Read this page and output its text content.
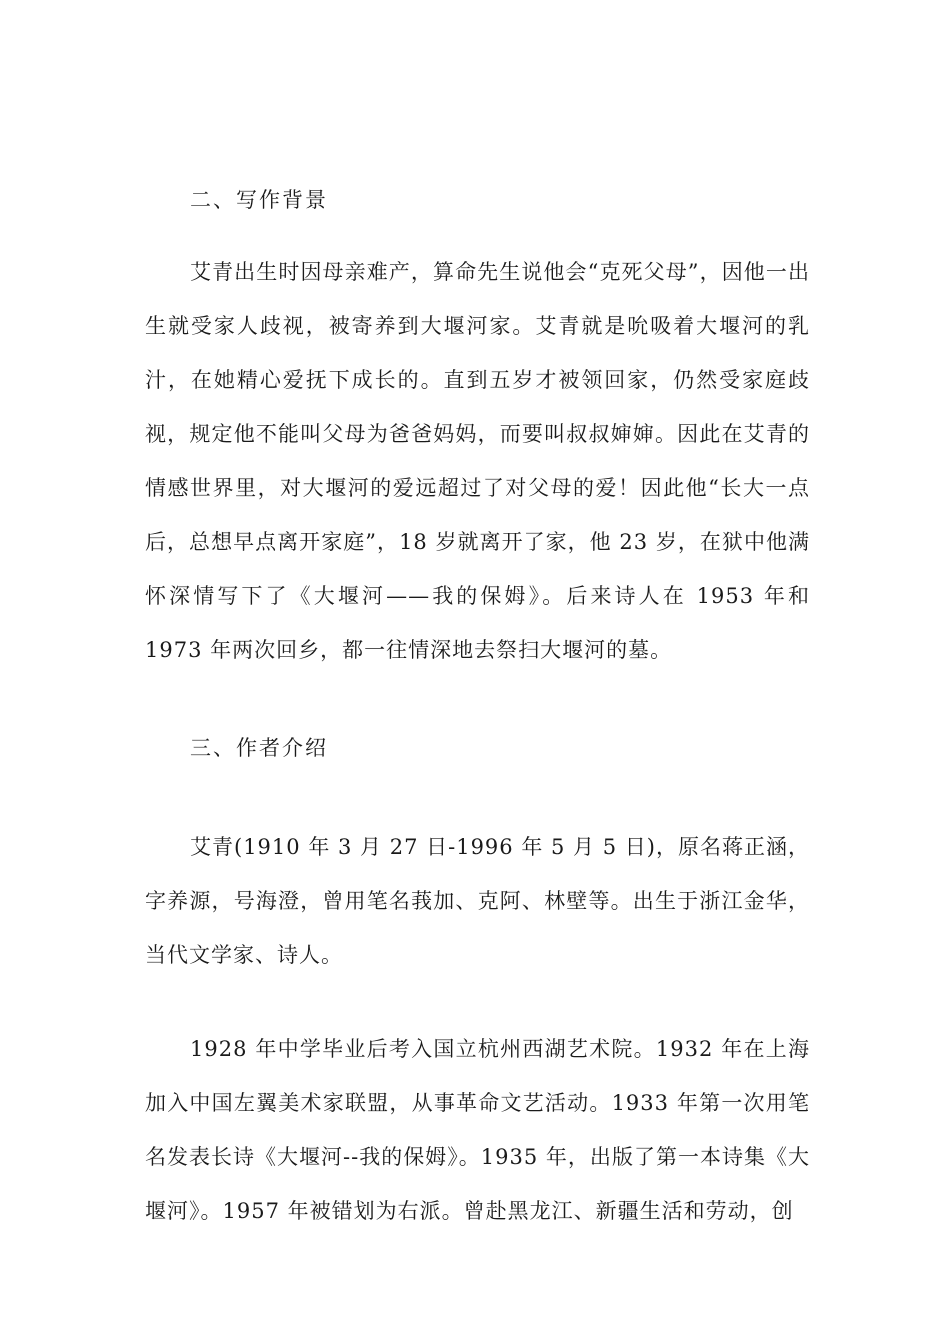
二、写作背景

艾青出生时因母亲难产，算命先生说他会“克死父母”，因他一出生就受家人歧视，被寄养到大堰河家。艾青就是吮吸着大堰河的乳汁，在她精心爱抚下成长的。直到五岁才被领回家，仍然受家庭歧视，规定他不能叫父母为爸爸妈妈，而要叫叔叔婶婶。因此在艾青的情感世界里，对大堰河的爱远超过了对父母的爱！因此他“长大一点后，总想早点离开家庭”，18 岁就离开了家，他 23 岁，在狱中他满怀深情写下了《大堰河——我的保姆》。后来诗人在 1953 年和 1973 年两次回乡，都一往情深地去祭扫大堰河的墓。

三、作者介绍

艾青(1910 年 3 月 27 日-1996 年 5 月 5 日)，原名蒋正涵，字养源，号海澄，曾用笔名莪加、克阿、林壁等。出生于浙江金华，当代文学家、诗人。

1928 年中学毕业后考入国立杭州西湖艺术院。1932 年在上海加入中国左翼美术家联盟，从事革命文艺活动。1933 年第一次用笔名发表长诗《大堰河--我的保姆》。1935 年，出版了第一本诗集《大堰河》。1957 年被错划为右派。曾赴黑龙江、新疆生活和劳动，创
